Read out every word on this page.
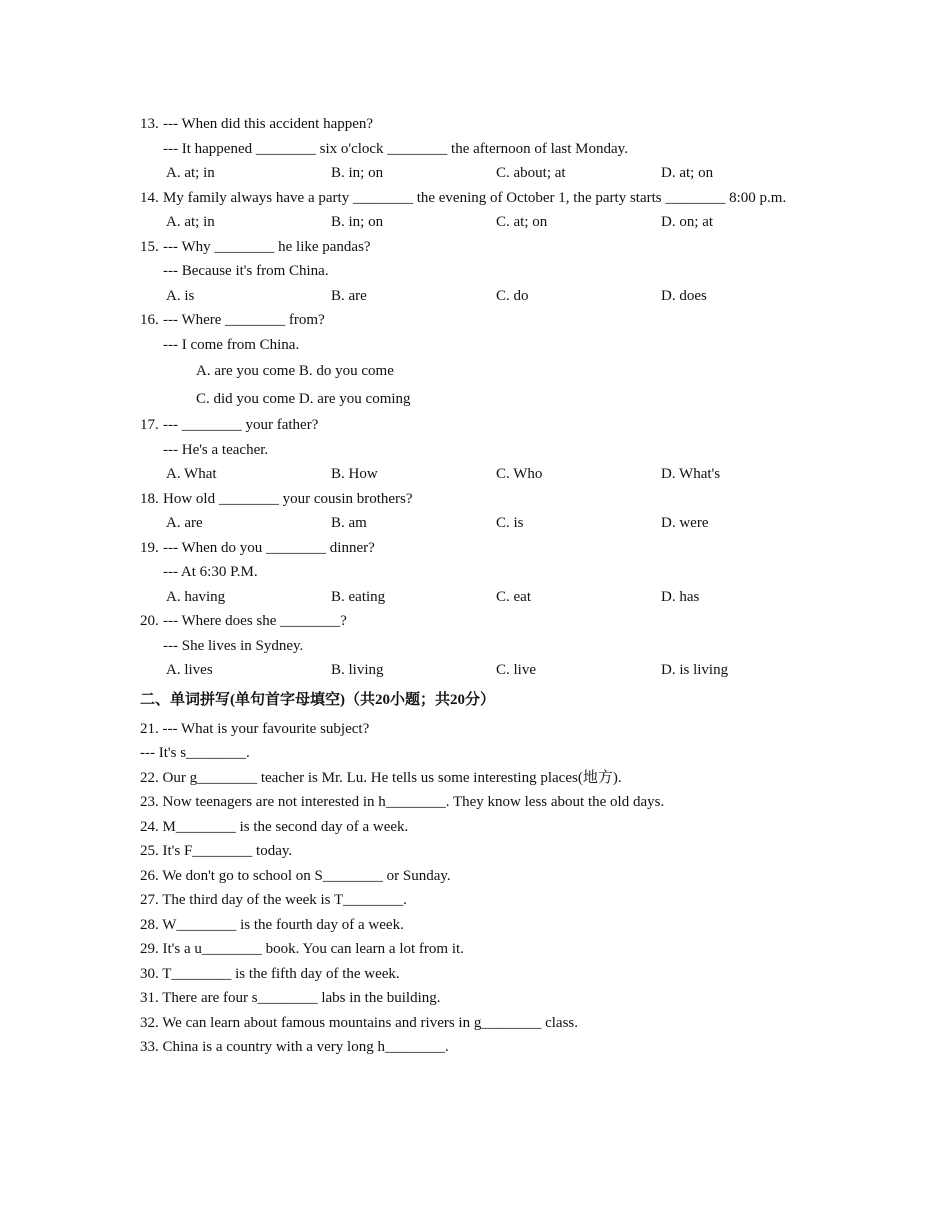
13. --- When did this accident happen?
--- It happened ________ six o'clock ________ the afternoon of last Monday.
A. at; in	B. in; on	C. about; at	D. at; on
14. My family always have a party ________ the evening of October 1, the party starts ________ 8:00 p.m.
A. at; in	B. in; on	C. at; on	D. on; at
15. --- Why ________ he like pandas?
--- Because it's from China.
A. is	B. are	C. do	D. does
16. --- Where ________ from?
--- I come from China.
A. are you come B. do you come
C. did you come D. are you coming
17. --- ________ your father?
--- He's a teacher.
A. What	B. How	C. Who	D. What's
18. How old ________ your cousin brothers?
A. are	B. am	C. is	D. were
19. --- When do you ________ dinner?
--- At 6:30 P.M.
A. having	B. eating	C. eat	D. has
20. --- Where does she ________?
--- She lives in Sydney.
A. lives	B. living	C. live	D. is living
二、单词拼写(单句首字母填空)（共20小题；共20分）
21. --- What is your favourite subject?
--- It's s________.
22. Our g________ teacher is Mr. Lu. He tells us some interesting places(地方).
23. Now teenagers are not interested in h________. They know less about the old days.
24. M________ is the second day of a week.
25. It's F________ today.
26. We don't go to school on S________ or Sunday.
27. The third day of the week is T________.
28. W________ is the fourth day of a week.
29. It's a u________ book. You can learn a lot from it.
30. T________ is the fifth day of the week.
31. There are four s________ labs in the building.
32. We can learn about famous mountains and rivers in g________ class.
33. China is a country with a very long h________.
